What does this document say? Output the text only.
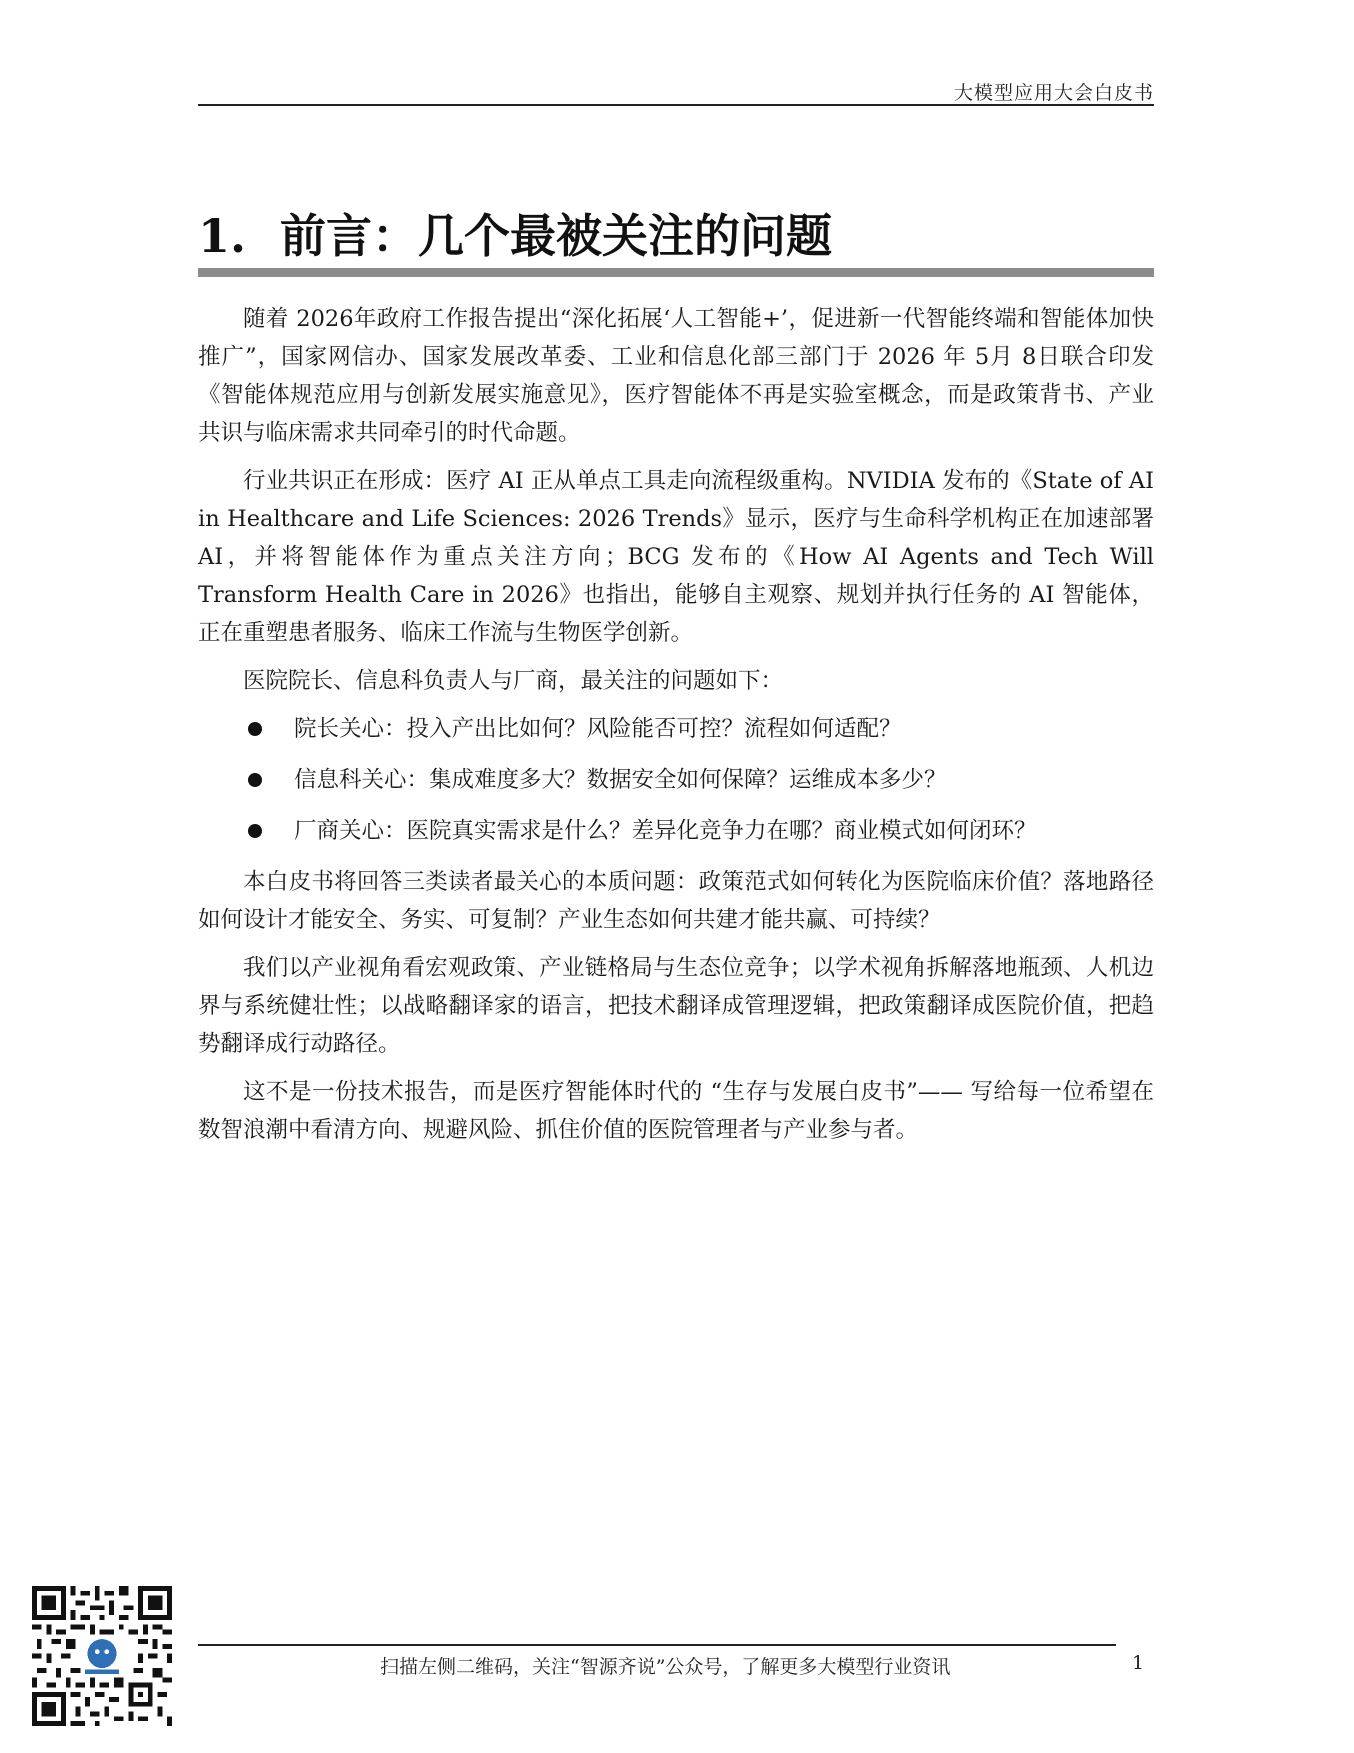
大模型应用大会白皮书
1. 前言：几个最被关注的问题

随着 2026年政府工作报告提出“深化拓展‘人工智能+’，促进新一代智能终端和智能体加快推广”，国家网信办、国家发展改革委、工业和信息化部三部门于 2026 年 5月 8日联合印发《智能体规范应用与创新发展实施意见》，医疗智能体不再是实验室概念，而是政策背书、产业共识与临床需求共同牵引的时代命题。

行业共识正在形成：医疗 AI 正从单点工具走向流程级重构。NVIDIA 发布的《State of AI in Healthcare and Life Sciences: 2026 Trends》显示，医疗与生命科学机构正在加速部署 AI，并将智能体作为重点关注方向；BCG 发布的《How AI Agents and Tech Will Transform Health Care in 2026》也指出，能够自主观察、规划并执行任务的 AI 智能体，正在重塑患者服务、临床工作流与生物医学创新。

医院院长、信息科负责人与厂商，最关注的问题如下：

院长关心：投入产出比如何？风险能否可控？流程如何适配？
信息科关心：集成难度多大？数据安全如何保障？运维成本多少？
厂商关心：医院真实需求是什么？差异化竞争力在哪？商业模式如何闭环？

本白皮书将回答三类读者最关心的本质问题：政策范式如何转化为医院临床价值？落地路径如何设计才能安全、务实、可复制？产业生态如何共建才能共赢、可持续？

我们以产业视角看宏观政策、产业链格局与生态位竞争；以学术视角拆解落地瓶颈、人机边界与系统健壮性；以战略翻译家的语言，把技术翻译成管理逻辑，把政策翻译成医院价值，把趋势翻译成行动路径。

这不是一份技术报告，而是医疗智能体时代的 “生存与发展白皮书”—— 写给每一位希望在数智浪潮中看清方向、规避风险、抓住价值的医院管理者与产业参与者。

扫描左侧二维码，关注“智源齐说”公众号，了解更多大模型行业资讯	1
